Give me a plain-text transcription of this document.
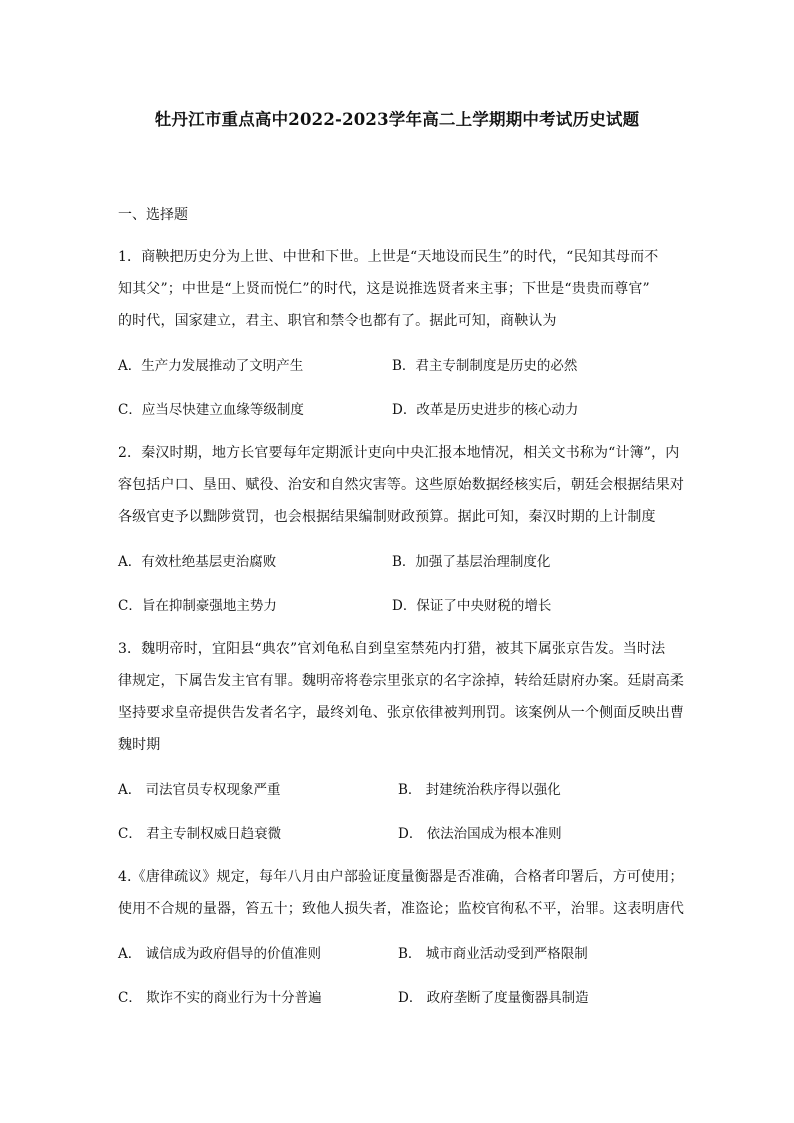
牡丹江市重点高中2022-2023学年高二上学期期中考试历史试题
一、选择题
1．商鞅把历史分为上世、中世和下世。上世是“天地设而民生”的时代，“民知其母而不
知其父”；中世是“上贤而悦仁”的时代，这是说推选贤者来主事；下世是“贵贵而尊官”
的时代，国家建立，君主、职官和禁令也都有了。据此可知，商鞅认为
A．生产力发展推动了文明产生	B．君主专制制度是历史的必然
C．应当尽快建立血缘等级制度	D．改革是历史进步的核心动力
2．秦汉时期，地方长官要每年定期派计吏向中央汇报本地情况，相关文书称为“计簿”，内
容包括户口、垦田、赋役、治安和自然灾害等。这些原始数据经核实后，朝廷会根据结果对
各级官吏予以黜陟赏罚，也会根据结果编制财政预算。据此可知，秦汉时期的上计制度
A．有效杜绝基层吏治腐败	B．加强了基层治理制度化
C．旨在抑制豪强地主势力	D．保证了中央财税的增长
3．魏明帝时，宜阳县“典农”官刘龟私自到皇室禁苑内打猎，被其下属张京告发。当时法
律规定，下属告发主官有罪。魏明帝将卷宗里张京的名字涂掉，转给廷尉府办案。廷尉高柔
坚持要求皇帝提供告发者名字，最终刘龟、张京依律被判刑罚。该案例从一个侧面反映出曹
魏时期
A． 司法官员专权现象严重	B． 封建统治秩序得以强化
C． 君主专制权威日趋衰微	D． 依法治国成为根本准则
4.《唐律疏议》规定，每年八月由户部验证度量衡器是否准确，合格者印署后，方可使用；
使用不合规的量器，笞五十；致他人损失者，准盗论；监校官徇私不平，治罪。这表明唐代
A． 诚信成为政府倡导的价值准则	B． 城市商业活动受到严格限制
C． 欺诈不实的商业行为十分普遍	D． 政府垄断了度量衡器具制造
